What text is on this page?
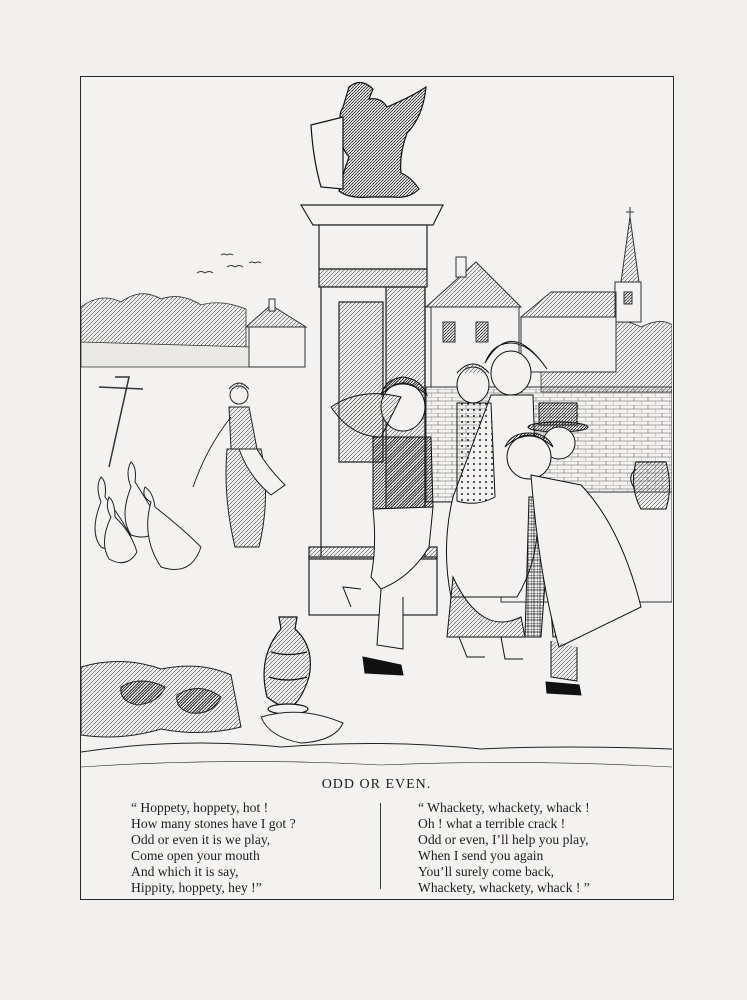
ODD OR EVEN.
“ Hoppety, hoppety, hot !
How many stones have I got ?
Odd or even it is we play,
Come open your mouth
And which it is say,
Hippity, hoppety, hey !”
“ Whackety, whackety, whack !
Oh ! what a terrible crack !
Odd or even, I’ll help you play,
When I send you again
You’ll surely come back,
Whackety, whackety, whack ! ”
